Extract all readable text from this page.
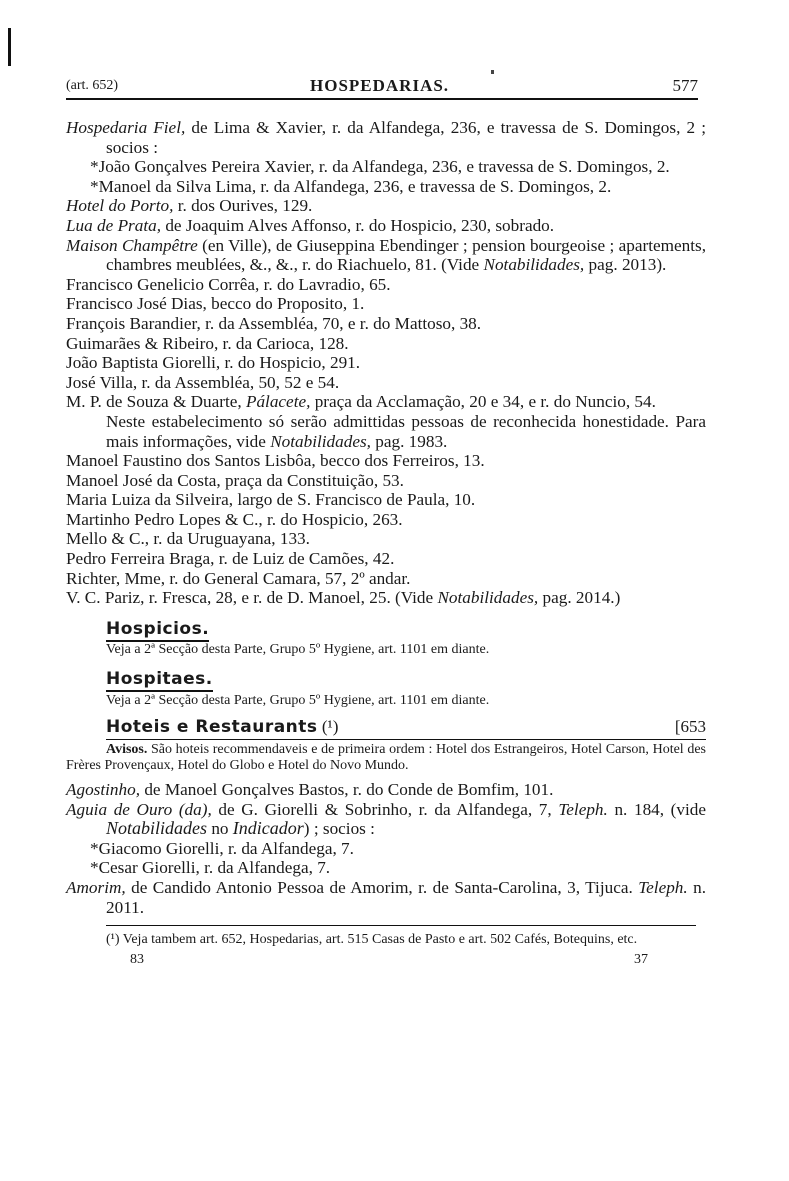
(art. 652)	HOSPEDARIAS.	577

Hospedaria Fiel, de Lima & Xavier, r. da Alfandega, 236, e travessa de S. Domingos, 2 ; socios :

*João Gonçalves Pereira Xavier, r. da Alfandega, 236, e travessa de S. Domingos, 2.

*Manoel da Silva Lima, r. da Alfandega, 236, e travessa de S. Domingos, 2.

Hotel do Porto, r. dos Ourives, 129.

Lua de Prata, de Joaquim Alves Affonso, r. do Hospicio, 230, sobrado.

Maison Champêtre (en Ville), de Giuseppina Ebendinger ; pension bourgeoise ; apartements, chambres meublées, &., &., r. do Riachuelo, 81. (Vide Notabilidades, pag. 2013).

Francisco Genelicio Corrêa, r. do Lavradio, 65.

Francisco José Dias, becco do Proposito, 1.

François Barandier, r. da Assembléa, 70, e r. do Mattoso, 38.

Guimarães & Ribeiro, r. da Carioca, 128.

João Baptista Giorelli, r. do Hospicio, 291.

José Villa, r. da Assembléa, 50, 52 e 54.

M. P. de Souza & Duarte, Pálacete, praça da Acclamação, 20 e 34, e r. do Nuncio, 54.

Neste estabelecimento só serão admittidas pessoas de reconhecida honestidade. Para mais informações, vide Notabilidades, pag. 1983.

Manoel Faustino dos Santos Lisbôa, becco dos Ferreiros, 13.

Manoel José da Costa, praça da Constituição, 53.

Maria Luiza da Silveira, largo de S. Francisco de Paula, 10.

Martinho Pedro Lopes & C., r. do Hospicio, 263.

Mello & C., r. da Uruguayana, 133.

Pedro Ferreira Braga, r. de Luiz de Camões, 42.

Richter, Mme, r. do General Camara, 57, 2º andar.

V. C. Pariz, r. Fresca, 28, e r. de D. Manoel, 25. (Vide Notabilidades, pag. 2014.)

Hospicios.

Veja a 2ª Secção desta Parte, Grupo 5º Hygiene, art. 1101 em diante.

Hospitaes.

Veja a 2ª Secção desta Parte, Grupo 5º Hygiene, art. 1101 em diante.

Hoteis e Restaurants (¹)	[653

Avisos. São hoteis recommendaveis e de primeira ordem : Hotel dos Estrangeiros, Hotel Carson, Hotel des Frères Provençaux, Hotel do Globo e Hotel do Novo Mundo.

Agostinho, de Manoel Gonçalves Bastos, r. do Conde de Bomfim, 101.

Aguia de Ouro (da), de G. Giorelli & Sobrinho, r. da Alfandega, 7, Teleph. n. 184, (vide Notabilidades no Indicador) ; socios :

*Giacomo Giorelli, r. da Alfandega, 7.

*Cesar Giorelli, r. da Alfandega, 7.

Amorim, de Candido Antonio Pessoa de Amorim, r. de Santa-Carolina, 3, Tijuca. Teleph. n. 2011.

(¹) Veja tambem art. 652, Hospedarias, art. 515 Casas de Pasto e art. 502 Cafés, Botequins, etc.

83	37
